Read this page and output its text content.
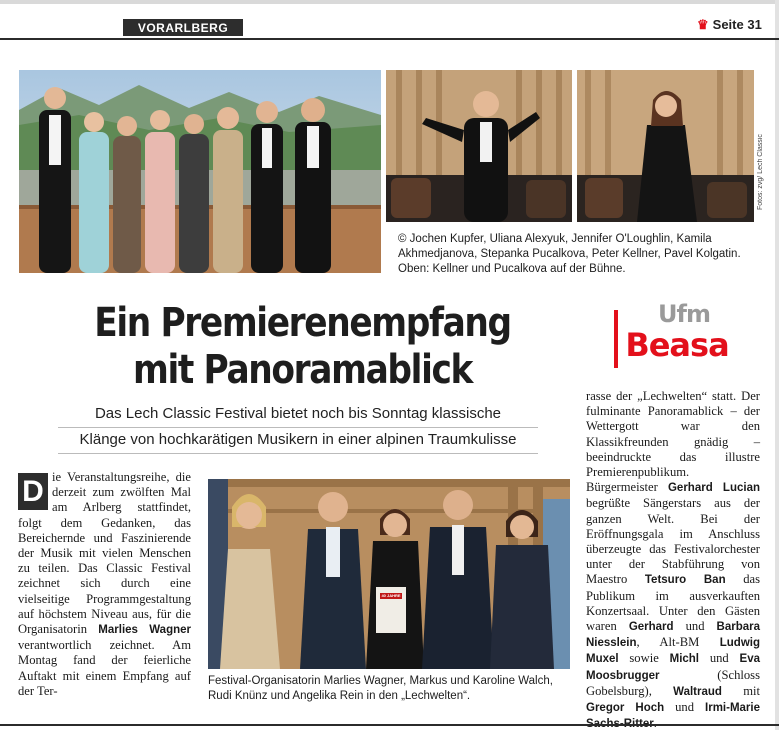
VORARLBERG	♛ Seite 31
Fotos: zvg/ Lech Classic
© Jochen Kupfer, Uliana Alexyuk, Jennifer O'Loughlin, Kamila Akhmedjanova, Stepanka Pucalkova, Peter Kellner, Pavel Kolgatin. Oben: Kellner und Pucalkova auf der Bühne.
Ein Premierenempfang
mit Panoramablick
Das Lech Classic Festival bietet noch bis Sonntag klassische
Klänge von hochkarätigen Musikern in einer alpinen Traumkulisse
Ufm
Beasa
D ie Veranstaltungsreihe, die derzeit zum zwölften Mal am Arlberg stattfindet, folgt dem Gedanken, das Bereichernde und Faszinierende der Musik mit vielen Menschen zu teilen. Das Classic Festival zeichnet sich durch eine vielseitige Programmgestaltung auf höchstem Niveau aus, für die Organisatorin Marlies Wagner verantwortlich zeichnet. Am Montag fand der feierliche Auftakt mit einem Empfang auf der Ter-
40 JAHRE
Festival-Organisatorin Marlies Wagner, Markus und Karoline Walch, Rudi Knünz und Angelika Rein in den „Lechwelten“.
rasse der „Lechwelten“ statt. Der fulminante Panoramablick – der Wettergott war den Klassikfreunden gnädig – beeindruckte das illustre Premierenpublikum. Bürgermeister Gerhard Lucian begrüßte Sängerstars aus der ganzen Welt. Bei der Eröffnungsgala im Anschluss überzeugte das Festivalorchester unter der Stabführung von Maestro Tetsuro Ban das Publikum im ausverkauften Konzertsaal. Unter den Gästen waren Gerhard und Barbara Niesslein, Alt-BM Ludwig Muxel sowie Michl und Eva Moosbrugger (Schloss Gobelsburg), Waltraud mit Gregor Hoch und Irmi-Marie
